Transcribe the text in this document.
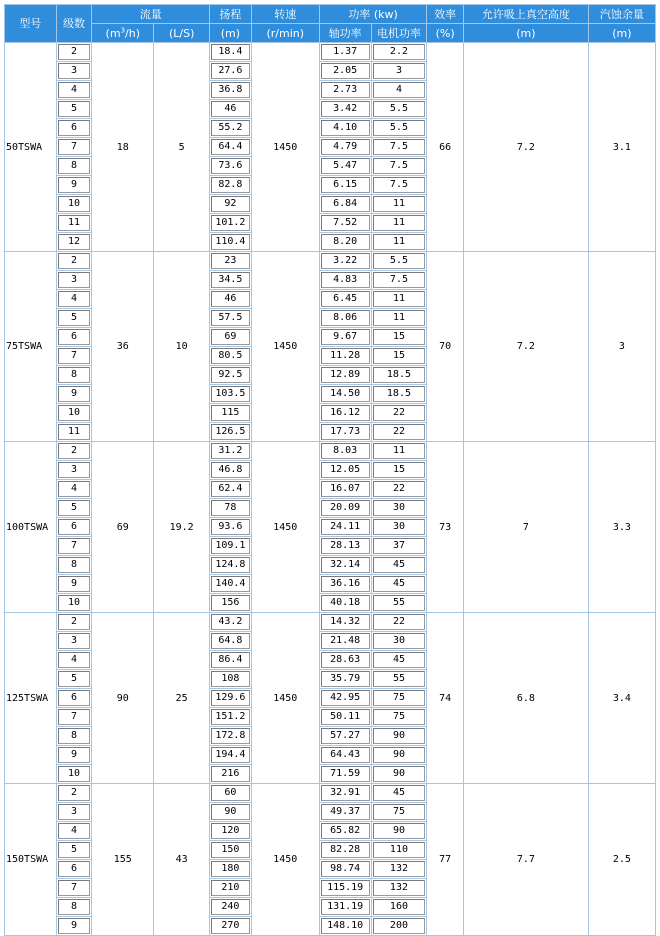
型号	级数	流量		扬程	转速	功率 (kw)		效率	允许吸上真空高度	汽蚀余量
		$(m^3/h)$	(L/S)	(m)	(r/min)	轴功率	电机功率	(%)	(m)	(m)
50TSWA	2	18	5	18.4	1450	1.37	2.2	66	7.2	3.1

	3			27.6		2.05	3			

	4			36.8		2.73	4			

	5			46		3.42	5.5			

	6			55.2		4.10	5.5			

	7			64.4		4.79	7.5			

	8			73.6		5.47	7.5			

	9			82.8		6.15	7.5			

	10			92		6.84	11			

	11			101.2		7.52	11			

	12			110.4		8.20	11			

75TSWA	2	36	10	23	1450	3.22	5.5	70	7.2	3

	3			34.5		4.83	7.5			

	4			46		6.45	11			

	5			57.5		8.06	11			

	6			69		9.67	15			

	7			80.5		11.28	15			

	8			92.5		12.89	18.5			

	9			103.5		14.50	18.5			

	10			115		16.12	22			

	11			126.5		17.73	22			

100TSWA	2	69	19.2	31.2	1450	8.03	11	73	7	3.3

	3			46.8		12.05	15			

	4			62.4		16.07	22			

	5			78		20.09	30			

	6			93.6		24.11	30			

	7			109.1		28.13	37			

	8			124.8		32.14	45			

	9			140.4		36.16	45			

	10			156		40.18	55			

125TSWA	2	90	25	43.2	1450	14.32	22	74	6.8	3.4

	3			64.8		21.48	30			

	4			86.4		28.63	45			

	5			108		35.79	55			

	6			129.6		42.95	75			

	7			151.2		50.11	75			

	8			172.8		57.27	90			

	9			194.4		64.43	90			

	10			216		71.59	90			

150TSWA	2	155	43	60	1450	32.91	45	77	7.7	2.5

	3			90		49.37	75			

	4			120		65.82	90			

	5			150		82.28	110			

	6			180		98.74	132			

	7			210		115.19	132			

	8			240		131.19	160			

	9			270		148.10	200			
